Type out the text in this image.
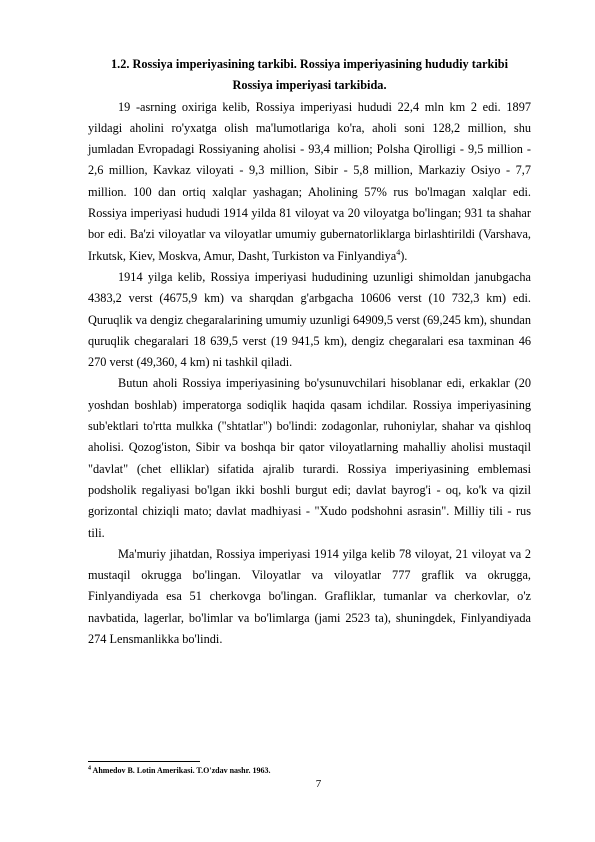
1.2. Rossiya imperiyasining tarkibi. Rossiya imperiyasining hududiy tarkibi
Rossiya imperiyasi tarkibida.

19 -asrning oxiriga kelib, Rossiya imperiyasi hududi 22,4 mln km 2 edi. 1897 yildagi aholini ro'yxatga olish ma'lumotlariga ko'ra, aholi soni 128,2 million, shu jumladan Evropadagi Rossiyaning aholisi - 93,4 million; Polsha Qirolligi - 9,5 million - 2,6 million, Kavkaz viloyati - 9,3 million, Sibir - 5,8 million, Markaziy Osiyo - 7,7 million. 100 dan ortiq xalqlar yashagan; Aholining 57% rus bo'lmagan xalqlar edi. Rossiya imperiyasi hududi 1914 yilda 81 viloyat va 20 viloyatga bo'lingan; 931 ta shahar bor edi. Ba'zi viloyatlar va viloyatlar umumiy gubernatorliklarga birlashtirildi (Varshava, Irkutsk, Kiev, Moskva, Amur, Dasht, Turkiston va Finlyandiya$^4$).

1914 yilga kelib, Rossiya imperiyasi hududining uzunligi shimoldan janubgacha 4383,2 verst (4675,9 km) va sharqdan g'arbgacha 10606 verst (10 732,3 km) edi. Quruqlik va dengiz chegaralarining umumiy uzunligi 64909,5 verst (69,245 km), shundan quruqlik chegaralari 18 639,5 verst (19 941,5 km), dengiz chegaralari esa taxminan 46 270 verst (49,360, 4 km) ni tashkil qiladi.

Butun aholi Rossiya imperiyasining bo'ysunuvchilari hisoblanar edi, erkaklar (20 yoshdan boshlab) imperatorga sodiqlik haqida qasam ichdilar. Rossiya imperiyasining sub'ektlari to'rtta mulkka ("shtatlar") bo'lindi: zodagonlar, ruhoniylar, shahar va qishloq aholisi. Qozog'iston, Sibir va boshqa bir qator viloyatlarning mahalliy aholisi mustaqil "davlat" (chet elliklar) sifatida ajralib turardi. Rossiya imperiyasining emblemasi podsholik regaliyasi bo'lgan ikki boshli burgut edi; davlat bayrog'i - oq, ko'k va qizil gorizontal chiziqli mato; davlat madhiyasi - "Xudo podshohni asrasin". Milliy tili - rus tili.

Ma'muriy jihatdan, Rossiya imperiyasi 1914 yilga kelib 78 viloyat, 21 viloyat va 2 mustaqil okrugga bo'lingan. Viloyatlar va viloyatlar 777 graflik va okrugga, Finlyandiyada esa 51 cherkovga bo'lingan. Grafliklar, tumanlar va cherkovlar, o'z navbatida, lagerlar, bo'limlar va bo'limlarga (jami 2523 ta), shuningdek, Finlyandiyada 274 Lensmanlikka bo'lindi.

$^4$ Ahmedov B. Lotin Amerikasi. T.O'zdav nashr. 1963.
7
